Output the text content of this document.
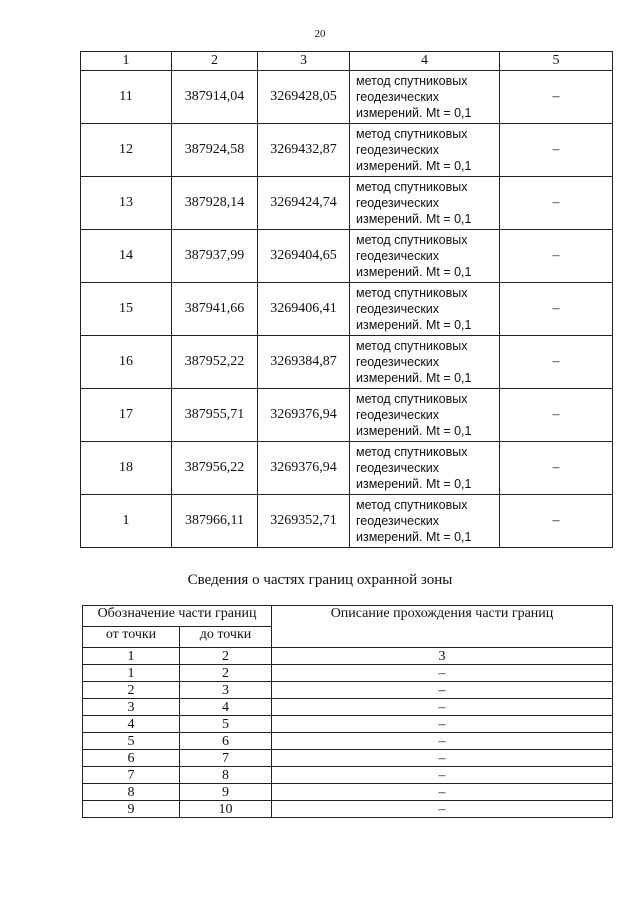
20
1	2	3	4	5
11	387914,04	3269428,05	метод спутниковых
геодезических
измерений. Mt = 0,1	–
12	387924,58	3269432,87	метод спутниковых
геодезических
измерений. Mt = 0,1	–
13	387928,14	3269424,74	метод спутниковых
геодезических
измерений. Mt = 0,1	–
14	387937,99	3269404,65	метод спутниковых
геодезических
измерений. Mt = 0,1	–
15	387941,66	3269406,41	метод спутниковых
геодезических
измерений. Mt = 0,1	–
16	387952,22	3269384,87	метод спутниковых
геодезических
измерений. Mt = 0,1	–
17	387955,71	3269376,94	метод спутниковых
геодезических
измерений. Mt = 0,1	–
18	387956,22	3269376,94	метод спутниковых
геодезических
измерений. Mt = 0,1	–
1	387966,11	3269352,71	метод спутниковых
геодезических
измерений. Mt = 0,1	–
Сведения о частях границ охранной зоны
Обозначение части границ		Описание прохождения части границ
от точки	до точки	
1	2	3
1	2	–
2	3	–
3	4	–
4	5	–
5	6	–
6	7	–
7	8	–
8	9	–
9	10	–
